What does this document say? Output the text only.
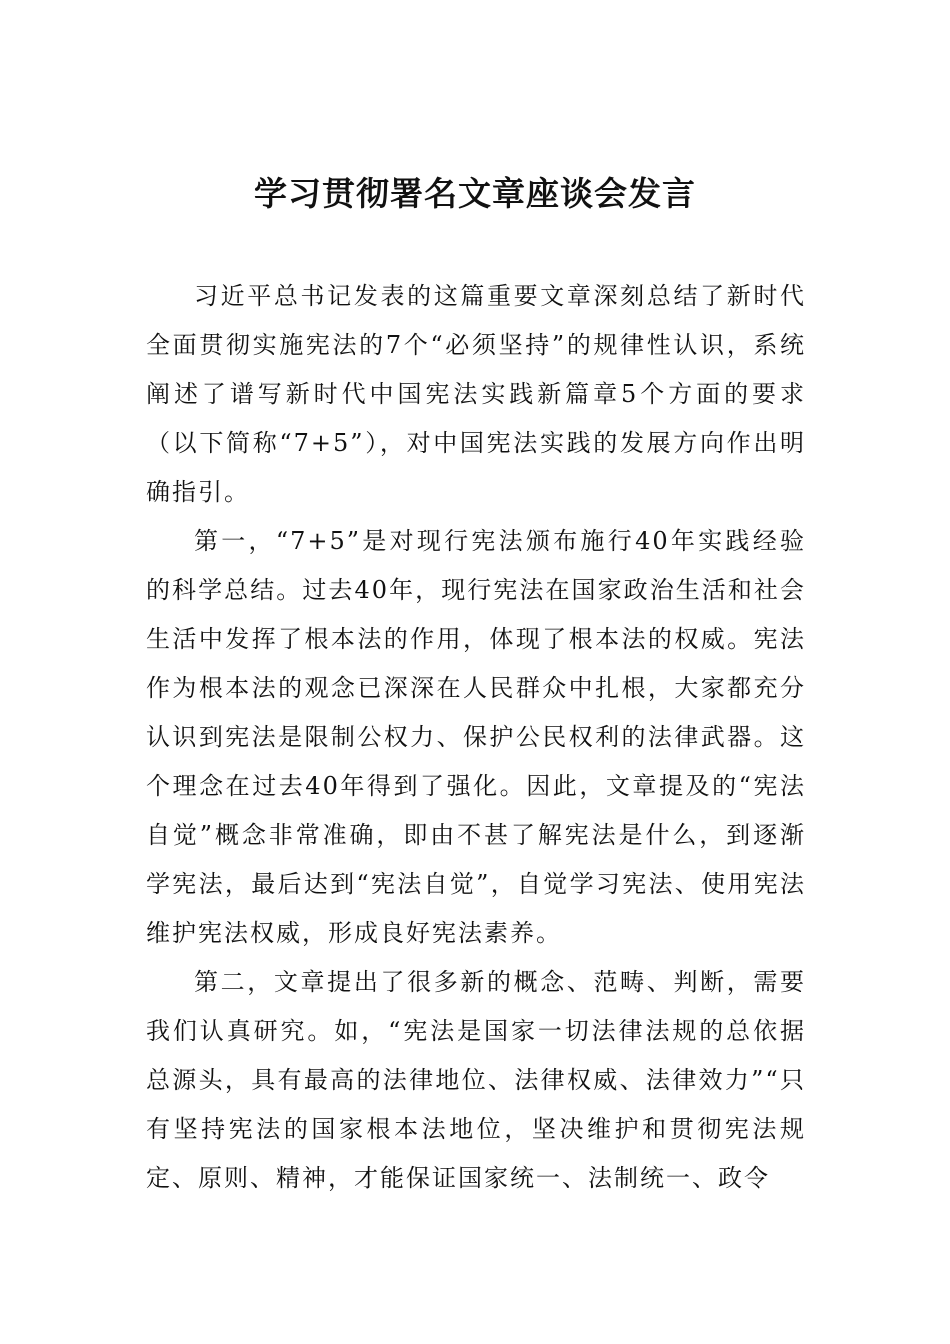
学习贯彻署名文章座谈会发言

习近平总书记发表的这篇重要文章深刻总结了新时代全面贯彻实施宪法的7个“必须坚持”的规律性认识，系统阐述了谱写新时代中国宪法实践新篇章5个方面的要求（以下简称“7+5”），对中国宪法实践的发展方向作出明确指引。

第一，“7+5”是对现行宪法颁布施行40年实践经验的科学总结。过去40年，现行宪法在国家政治生活和社会生活中发挥了根本法的作用，体现了根本法的权威。宪法作为根本法的观念已深深在人民群众中扎根，大家都充分认识到宪法是限制公权力、保护公民权利的法律武器。这个理念在过去40年得到了强化。因此，文章提及的“宪法自觉”概念非常准确，即由不甚了解宪法是什么，到逐渐学宪法，最后达到“宪法自觉”，自觉学习宪法、使用宪法维护宪法权威，形成良好宪法素养。

第二，文章提出了很多新的概念、范畴、判断，需要我们认真研究。如，“宪法是国家一切法律法规的总依据总源头，具有最高的法律地位、法律权威、法律效力”“只有坚持宪法的国家根本法地位，坚决维护和贯彻宪法规定、原则、精神，才能保证国家统一、法制统一、政令
